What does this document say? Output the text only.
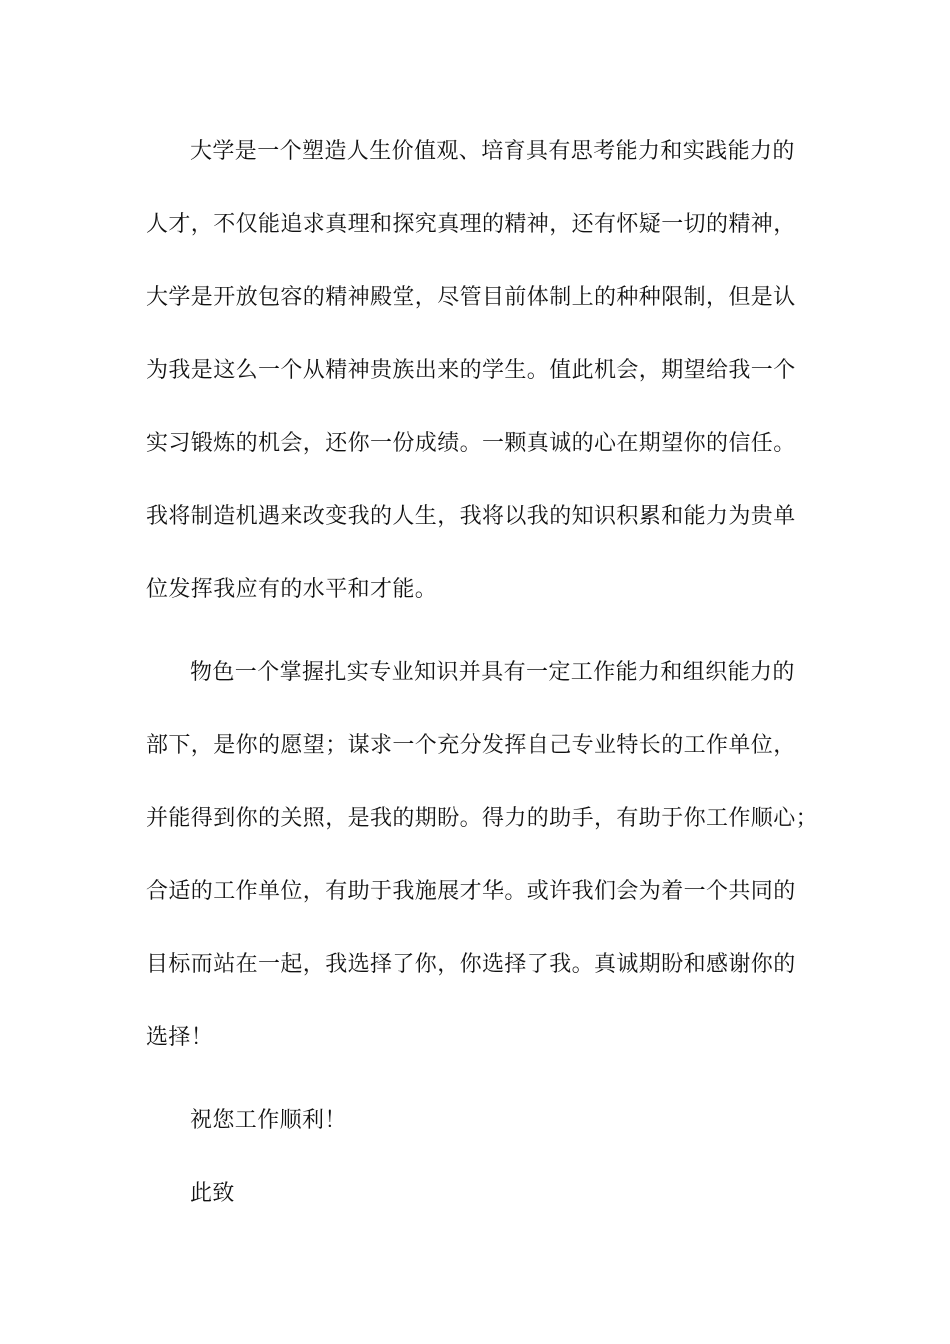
大学是一个塑造人生价值观、培育具有思考能力和实践能力的
人才，不仅能追求真理和探究真理的精神，还有怀疑一切的精神，
大学是开放包容的精神殿堂，尽管目前体制上的种种限制，但是认
为我是这么一个从精神贵族出来的学生。值此机会，期望给我一个
实习锻炼的机会，还你一份成绩。一颗真诚的心在期望你的信任。
我将制造机遇来改变我的人生，我将以我的知识积累和能力为贵单
位发挥我应有的水平和才能。
物色一个掌握扎实专业知识并具有一定工作能力和组织能力的
部下，是你的愿望；谋求一个充分发挥自己专业特长的工作单位，
并能得到你的关照，是我的期盼。得力的助手，有助于你工作顺心；
合适的工作单位，有助于我施展才华。或许我们会为着一个共同的
目标而站在一起，我选择了你，你选择了我。真诚期盼和感谢你的
选择！
祝您工作顺利！
此致
